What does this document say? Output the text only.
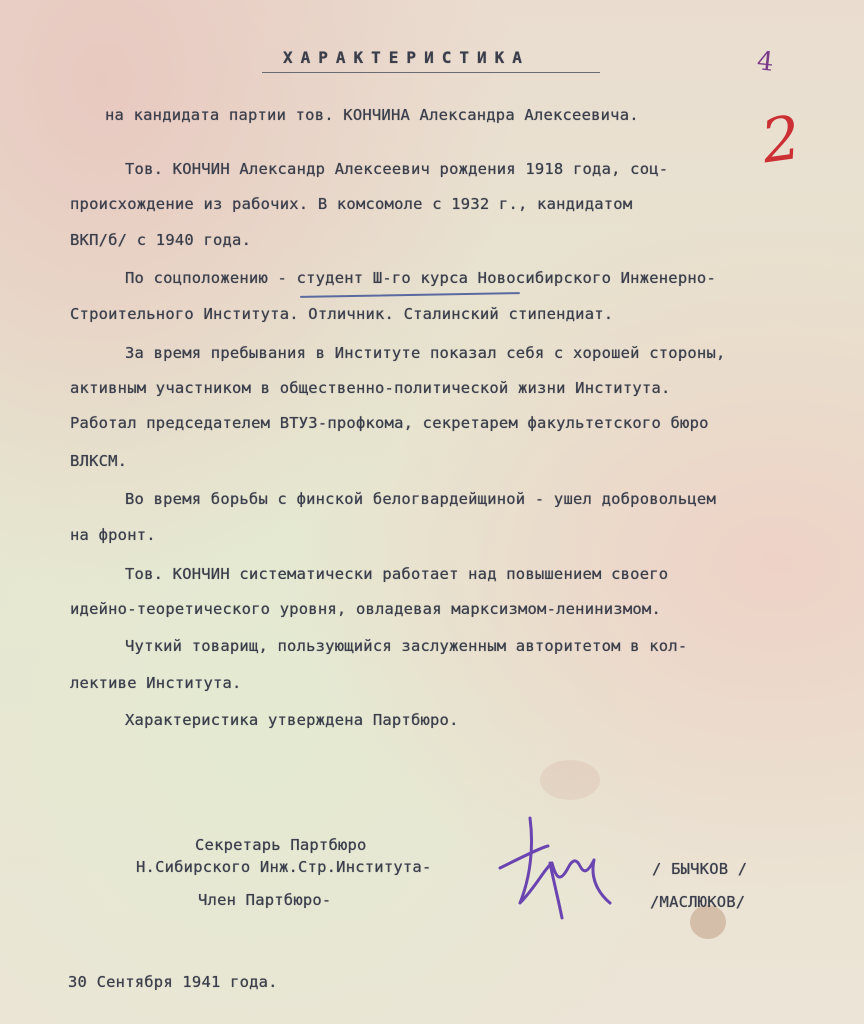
ХАРАКТЕРИСТИКА	4
2
на кандидата партии тов. КОНЧИНА Александра Алексеевича.
Тов. КОНЧИН Александр Алексеевич рождения 1918 года, соц-
происхождение из рабочих. В комсомоле с 1932 г., кандидатом
ВКП/б/ с 1940 года.
По соцположению - студент Ш-го курса Новосибирского Инженерно-
Строительного Института. Отличник. Сталинский стипендиат.
За время пребывания в Институте показал себя с хорошей стороны,
активным участником в общественно-политической жизни Института.
Работал председателем ВТУЗ-профкома, секретарем факультетского бюро
ВЛКСМ.
Во время борьбы с финской белогвардейщиной - ушел добровольцем
на фронт.
Тов. КОНЧИН систематически работает над повышением своего
идейно-теоретического уровня, овладевая марксизмом-ленинизмом.
Чуткий товарищ, пользующийся заслуженным авторитетом в кол-
лективе Института.
Характеристика утверждена Партбюро.
Секретарь Партбюро
Н.Сибирского Инж.Стр.Института-
Член Партбюро-
/ БЫЧКОВ /
/МАСЛЮКОВ/
30 Сентября 1941 года.
